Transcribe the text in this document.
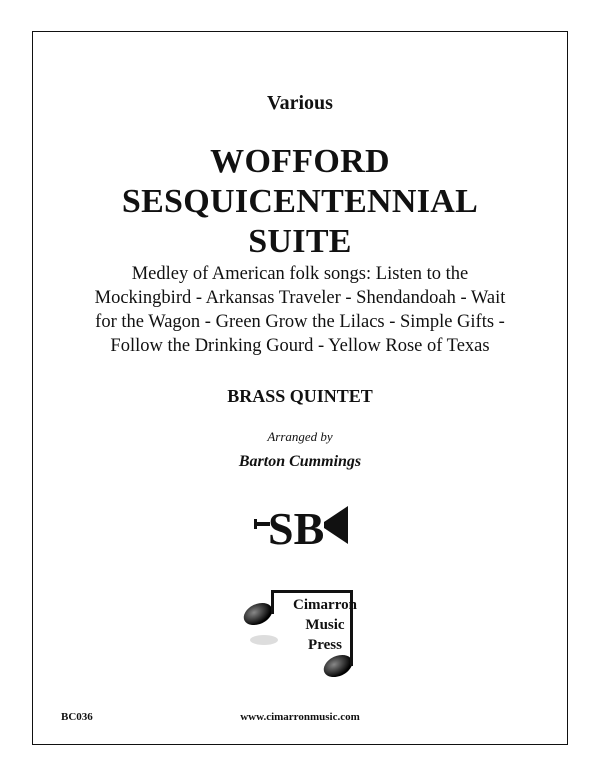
Various
WOFFORD
SESQUICENTENNIAL
SUITE
Medley of American folk songs: Listen to the
Mockingbird - Arkansas Traveler - Shendandoah - Wait
for the Wagon - Green Grow the Lilacs - Simple Gifts -
Follow the Drinking Gourd - Yellow Rose of Texas
BRASS QUINTET
Arranged by
Barton Cummings
SB
Cimarron
Music
Press
BC036	www.cimarronmusic.com
